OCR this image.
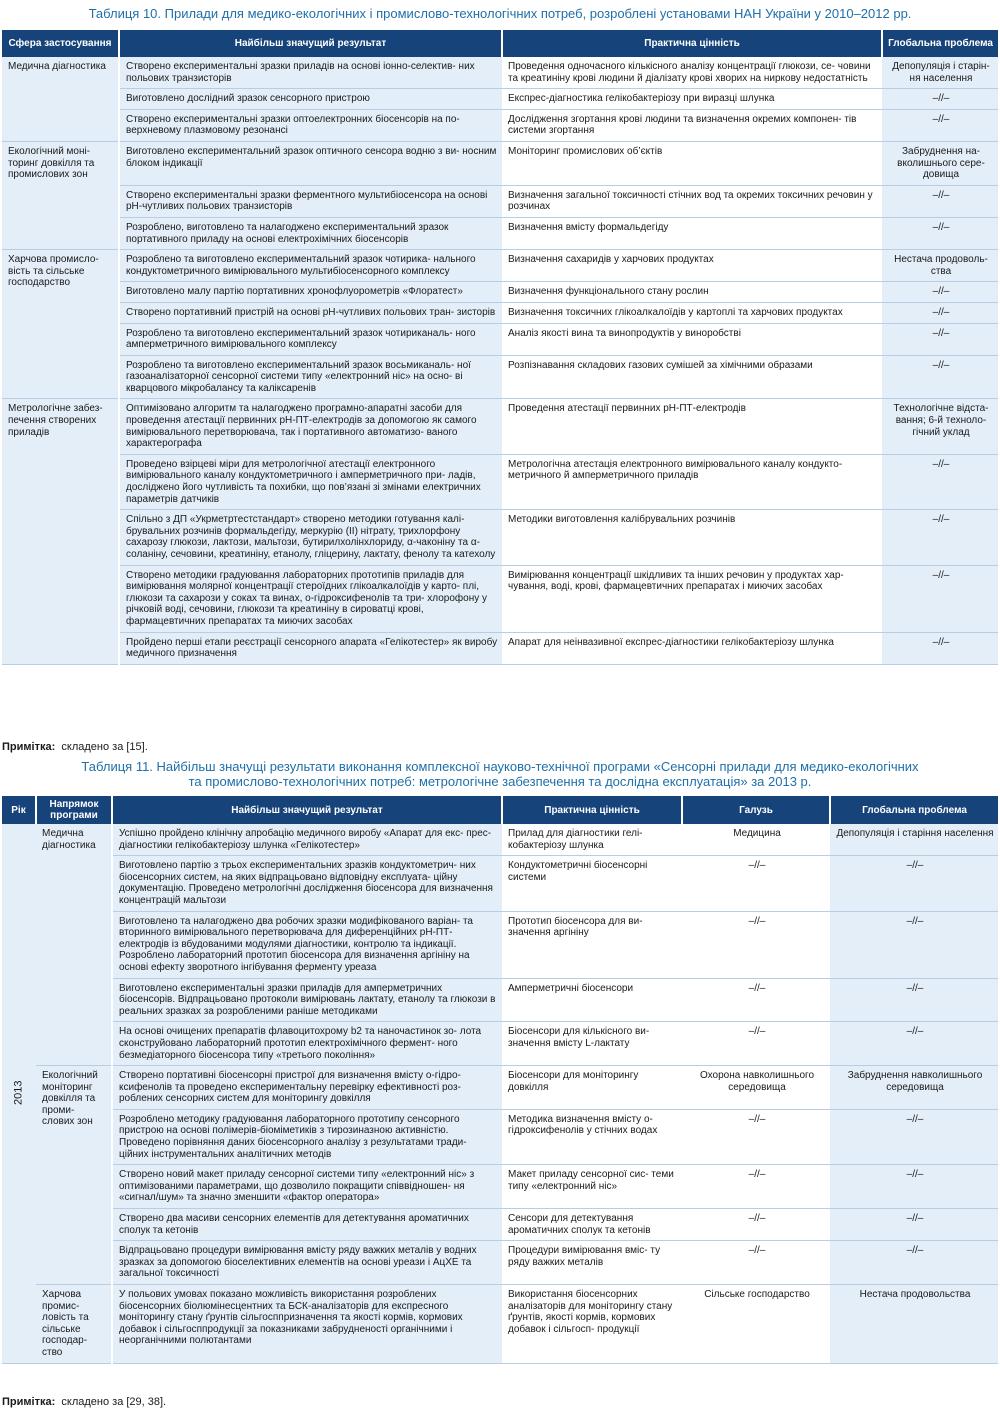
Таблиця 10. Прилади для медико-екологічних і промислово-технологічних потреб, розроблені установами НАН України у 2010–2012 рр.
Сфера застосування	Найбільш значущий результат	Практична цінність	Глобальна проблема
Медична діагностика	Створено експериментальні зразки приладів на основі іонно-селектив- них польових транзисторів	Проведення одночасного кількісного аналізу концентрації глюкози, се- човини та креатиніну крові людини й діалізату крові хворих на ниркову недостатність	Депопуляція і старін- ня населення
	Виготовлено дослідний зразок сенсорного пристрою	Експрес-діагностика гелікобактеріозу при виразці шлунка	–//–
	Створено експериментальні зразки оптоелектронних біосенсорів на по- верхневому плазмовому резонансі	Дослідження згортання крові людини та визначення окремих компонен- тів системи згортання	–//–
Екологічний моні- торинг довкілля та промислових зон	Виготовлено експериментальний зразок оптичного сенсора водню з ви- носним блоком індикації	Моніторинг промислових об’єктів	Забруднення на- вколишнього сере- довища
	Створено експериментальні зразки ферментного мультибіосенсора на основі pH-чутливих польових транзисторів	Визначення загальної токсичності стічних вод та окремих токсичних речовин у розчинах	–//–
	Розроблено, виготовлено та налагоджено експериментальний зразок портативного приладу на основі електрохімічних біосенсорів	Визначення вмісту формальдегіду	–//–
Харчова промисло- вість та сільське господарство	Розроблено та виготовлено експериментальний зразок чотирика- нального кондуктометричного вимірювального мультибіосенсорного комплексу	Визначення сахаридів у харчових продуктах	Нестача продоволь- ства
	Виготовлено малу партію портативних хронофлуорометрів «Флоратест»	Визначення функціонального стану рослин	–//–
	Створено портативний пристрій на основі pH-чутливих польових тран- зисторів	Визначення токсичних глікоалкалоїдів у картоплі та харчових продуктах	–//–
	Розроблено та виготовлено експериментальний зразок чотириканаль- ного амперметричного вимірювального комплексу	Аналіз якості вина та винопродуктів у виноробстві	–//–
	Розроблено та виготовлено експериментальний зразок восьмиканаль- ної газоаналізаторної сенсорної системи типу «електронний ніс» на осно- ві кварцового мікробалансу та каліксаренів	Розпізнавання складових газових сумішей за хімічними образами	–//–
Метрологічне забез- печення створених приладів	Оптимізовано алгоритм та налагоджено програмно-апаратні засоби для проведення атестації первинних pH-ПТ-електродів за допомогою як самого вимірювального перетворювача, так і портативного автоматизо- ваного характерографа	Проведення атестації первинних pH-ПТ-електродів	Технологічне відста- вання; 6-й техноло- гічний уклад
	Проведено взірцеві міри для метрологічної атестації електронного вимірювального каналу кондуктометричного і амперметричного при- ладів, досліджено його чутливість та похибки, що пов’язані зі змінами електричних параметрів датчиків	Метрологічна атестація електронного вимірювального каналу кондукто- метричного й амперметричного приладів	–//–
	Спільно з ДП «Укрметртестстандарт» створено методики готування калі- брувальних розчинів формальдегіду, меркурію (II) нітрату, трихлорфону сахарозу глюкози, лактози, мальтози, бутирилхолінхлориду, α-чаконіну та α-соланіну, сечовини, креатиніну, етанолу, гліцерину, лактату, фенолу та катехолу	Методики виготовлення калібрувальних розчинів	–//–
	Створено методики градуювання лабораторних прототипів приладів для вимірювання молярної концентрації стероїдних глікоалкалоїдів у карто- плі, глюкози та сахарози у соках та винах, о-гідрокcифенолів та три- хлорофону у річковій воді, сечовини, глюкози та креатиніну в сироватці крові, фармацевтичних препаратах та миючих засобах	Вимірювання концентрації шкідливих та інших речовин у продуктах хар- чування, воді, крові, фармацевтичних препаратах і миючих засобах	–//–
	Пройдено перші етапи реєстрації сенсорного апарата «Гелікотестер» як виробу медичного призначення	Апарат для неінвазивної експрес-діагностики гелікобактеріозу шлунка	–//–
Примітка: складено за [15].
Таблиця 11. Найбільш значущі результати виконання комплексної науково-технічної програми «Сенсорні прилади для медико-екологічних
та промислово-технологічних потреб: метрологічне забезпечення та дослідна експлуатація» за 2013 р.
Рік	Напрямок програми	Найбільш значущий результат	Практична цінність	Галузь	Глобальна проблема
2013	Медична діагностика	Успішно пройдено клінічну апробацію медичного виробу «Апарат для екс- прес-діагностики гелікобактеріозу шлунка «Гелікотестер»	Прилад для діагностики гелі- кобактеріозу шлунка	Медицина	Депопуляція і старіння населення
		Виготовлено партію з трьох експериментальних зразків кондуктометрич- них біосенсорних систем, на яких відпрацьовано відповідну експлуата- ційну документацію. Проведено метрологічні дослідження біосенсора для визначення концентрацій мальтози	Кондуктометричні біосенсорні системи	–//–	–//–
		Виготовлено та налагоджено два робочих зразки модифікованого варіан- та вторинного вимірювального перетворювача для диференційних pH-ПТ- електродів із вбудованими модулями діагностики, контролю та індикації. Розроблено лабораторний прототип біосенсора для визначення аргініну на основі ефекту зворотного інгібування ферменту уреаза	Прототип біосенсора для ви- значення аргініну	–//–	–//–
		Виготовлено експериментальні зразки приладів для амперметричних біосенсорів. Відпрацьовано протоколи вимірювань лактату, етанолу та глюкози в реальних зразках за розробленими раніше методиками	Амперметричні біосенсори	–//–	–//–
		На основі очищених препаратів флавоцитохрому b2 та наночастинок зо- лота сконструйовано лабораторний прототип електрохімічного фермент- ного безмедіаторного біосенсора типу «третього покоління»	Біосенсори для кількісного ви- значення вмісту L-лактату	–//–	–//–
	Екологічний моніторинг довкілля та проми- слових зон	Створено портативні біосенсорні пристрої для визначення вмісту о-гідро- ксифенолів та проведено експериментальну перевірку ефективності роз- роблених сенсорних систем для моніторингу довкілля	Біосенсори для моніторингу довкілля	Охорона навколишнього середовища	Забруднення навколишнього середовища
		Розроблено методику градуювання лабораторного прототипу сенсорного пристрою на основі полімерів-біоміметиків з тирозиназною активністю. Проведено порівняння даних біосенсорного аналізу з результатами тради- ційних інструментальних аналітичних методів	Методика визначення вмісту о-гідроксифенолів у стічних водах	–//–	–//–
		Створено новий макет приладу сенсорної системи типу «електронний ніс» з оптимізованими параметрами, що дозволило покращити співвідношен- ня «сигнал/шум» та значно зменшити «фактор оператора»	Макет приладу сенсорної сис- теми типу «електронний ніс»	–//–	–//–
		Створено два масиви сенсорних елементів для детектування ароматичних сполук та кетонів	Сенсори для детектування ароматичних сполук та кетонів	–//–	–//–
		Відпрацьовано процедури вимірювання вмісту ряду важких металів у водних зразках за допомогою біоселективних елементів на основі уреази і АцХЕ та загальної токсичності	Процедури вимірювання вміс- ту ряду важких металів	–//–	–//–
	Харчова промис- ловість та сільське господар- ство	У польових умовах показано можливість використання розроблених біосенсорних біолюмінесцентних та БСК-аналізаторів для експресного моніторингу стану ґрунтів сільгосппризначення та якості кормів, кормових добавок і сільгосппродукції за показниками забрудненості органічними і неорганічними полютантами	Використання біосенсорних аналізаторів для моніторингу стану ґрунтів, якості кормів, кормових добавок і сільгосп- продукції	Сільське господарство	Нестача продовольства
Примітка: складено за [29, 38].
